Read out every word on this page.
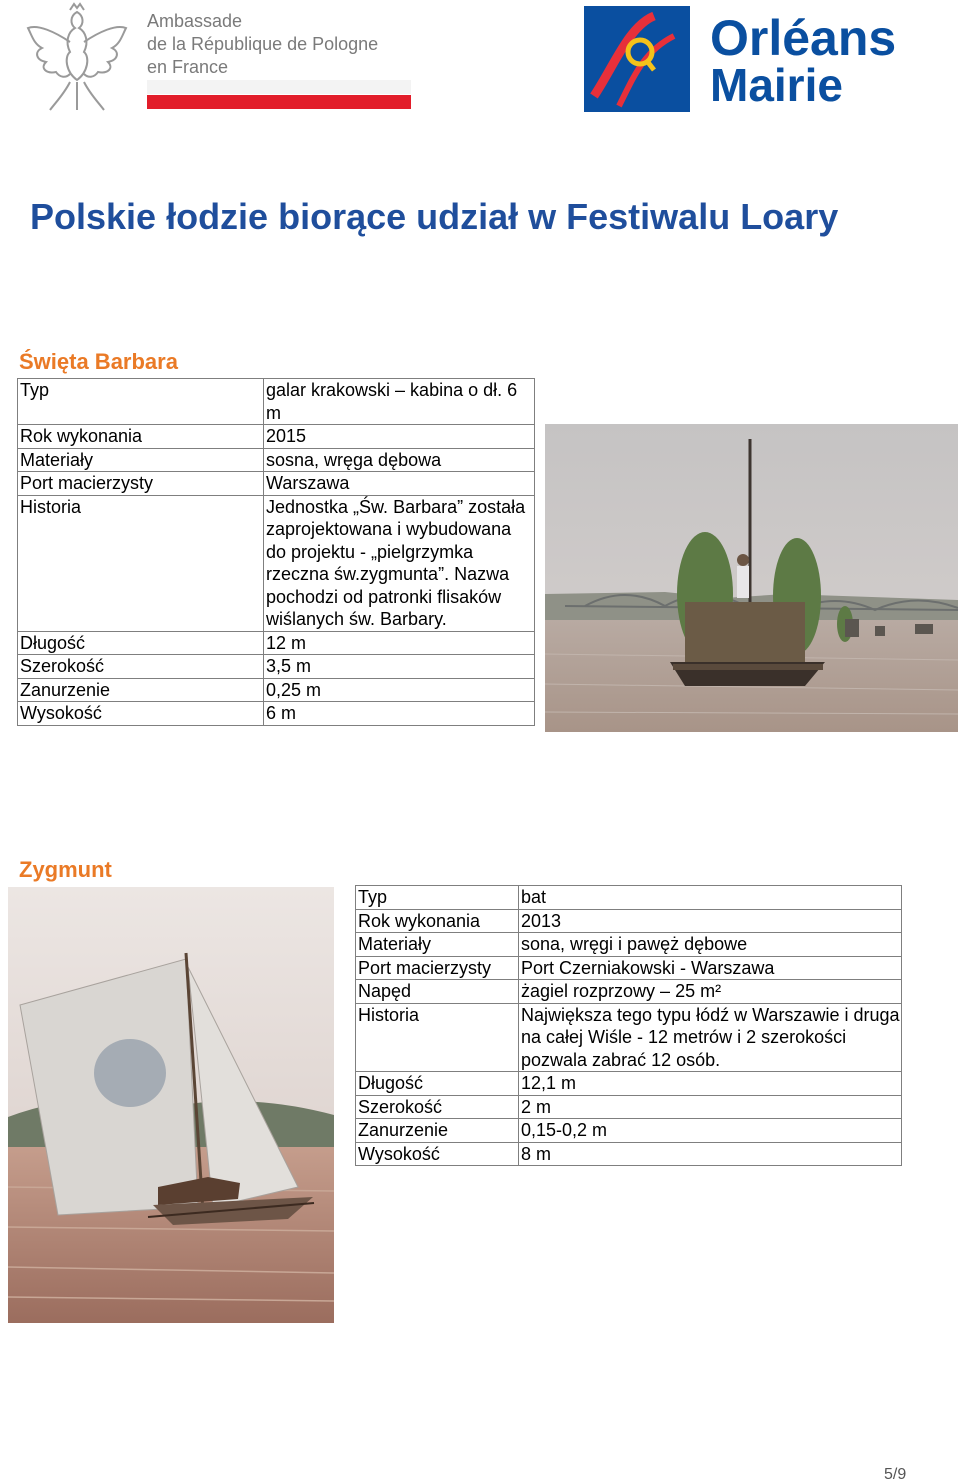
Ambassade
de la République de Pologne
en France
Orléans
Mairie
Polskie łodzie biorące udział w Festiwalu Loary
Święta Barbara
Typ	galar krakowski – kabina o dł. 6 m
Rok wykonania	2015
Materiały	sosna, wręga dębowa
Port macierzysty	Warszawa
Historia	Jednostka „Św. Barbara” została zaprojektowana i wybudowana do projektu - „pielgrzymka rzeczna św.zygmunta”. Nazwa pochodzi od patronki flisaków wiślanych św. Barbary.
Długość	12 m
Szerokość	3,5 m
Zanurzenie	0,25 m
Wysokość	6 m
Zygmunt
Typ	bat
Rok wykonania	2013
Materiały	sona, wręgi i pawęż dębowe
Port macierzysty	Port Czerniakowski - Warszawa
Napęd	żagiel rozprzowy – 25 m²
Historia	Największa tego typu łódź w Warszawie i druga na całej Wiśle - 12 metrów i 2 szerokości pozwala zabrać 12 osób.
Długość	12,1 m
Szerokość	2 m
Zanurzenie	0,15-0,2 m
Wysokość	8 m
5/9
